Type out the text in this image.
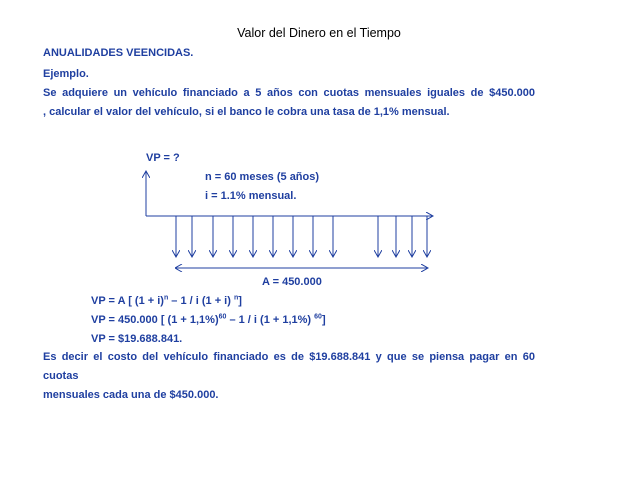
Valor del Dinero en el Tiempo
ANUALIDADES VEENCIDAS.
Ejemplo.
Se adquiere un vehículo financiado a 5 años con cuotas mensuales iguales de $450.000
, calcular el valor del vehículo, si el banco le cobra una tasa de 1,1% mensual.
VP = ?
n = 60 meses (5 años)
i = 1.1% mensual.
A = 450.000
VP = A [ $(1 + i)^n - 1 / i$ (1 + i) $^n$]
VP = 450.000 [ $(1 + 1,1\%)^{60} - 1 / i$ (1 + 1,1%) $^{60}$]
VP = $19.688.841.
Es decir el costo del vehículo financiado es de $19.688.841 y que se piensa pagar en 60 cuotas
mensuales cada una de $450.000.
